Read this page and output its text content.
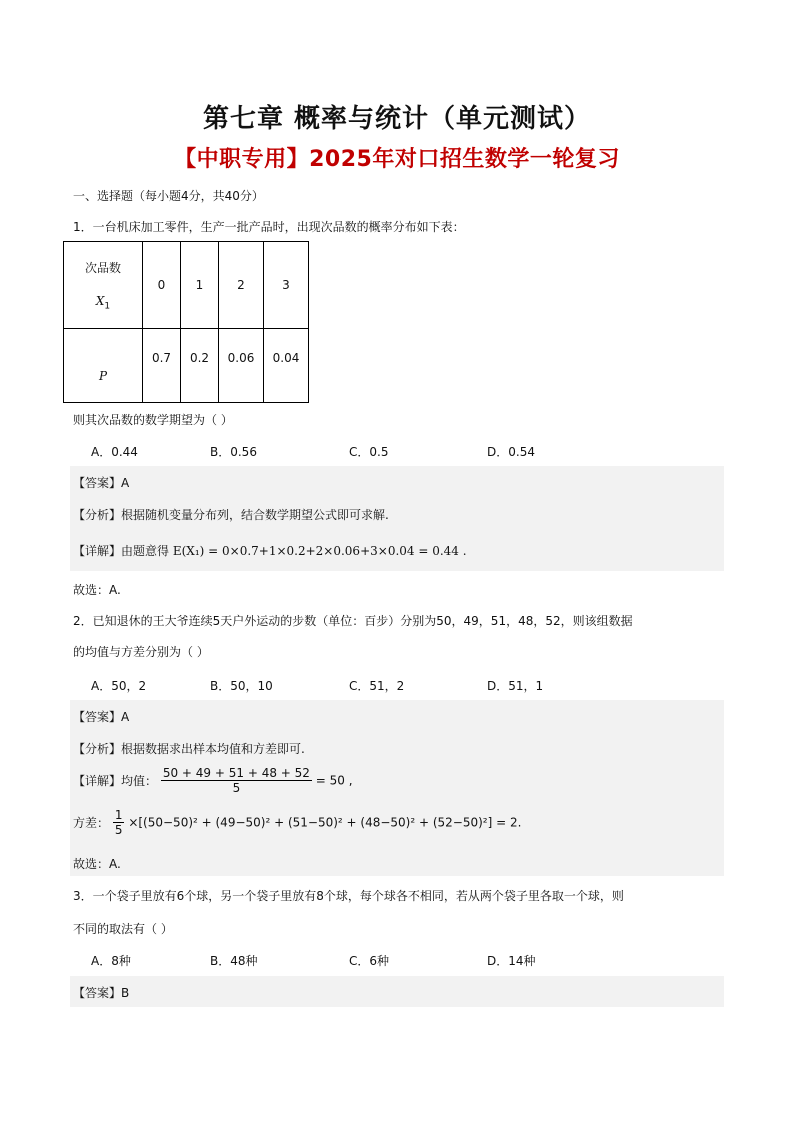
第七章 概率与统计（单元测试）
【中职专用】2025年对口招生数学一轮复习
一、选择题（每小题4分，共40分）
1．一台机床加工零件，生产一批产品时，出现次品数的概率分布如下表：
次品数
$X_1$	0	1	2	3
P	0.7	0.2	0.06	0.04
则其次品数的数学期望为（ ）
A．0.44	B．0.56	C．0.5	D．0.54
【答案】A
【分析】根据随机变量分布列，结合数学期望公式即可求解.
【详解】由题意得 E(X₁) = 0×0.7+1×0.2+2×0.06+3×0.04 = 0.44 .
故选：A.
2．已知退休的王大爷连续5天户外运动的步数（单位：百步）分别为50，49，51，48，52，则该组数据
的均值与方差分别为（ ）
A．50，2	B．50，10	C．51，2	D．51，1
【答案】A
【分析】根据数据求出样本均值和方差即可.
【详解】均值： $\frac{50 + 49 + 51 + 48 + 52}{5} = 50$ ,
方差： $\frac{1}{5} \times[(50-50)^2 + (49-50)^2 + (51-50)^2 + (48-50)^2 + (52-50)^2] = 2$.
故选：A.
3．一个袋子里放有6个球，另一个袋子里放有8个球，每个球各不相同，若从两个袋子里各取一个球，则
不同的取法有（ ）
A．8种	B．48种	C．6种	D．14种
【答案】B
